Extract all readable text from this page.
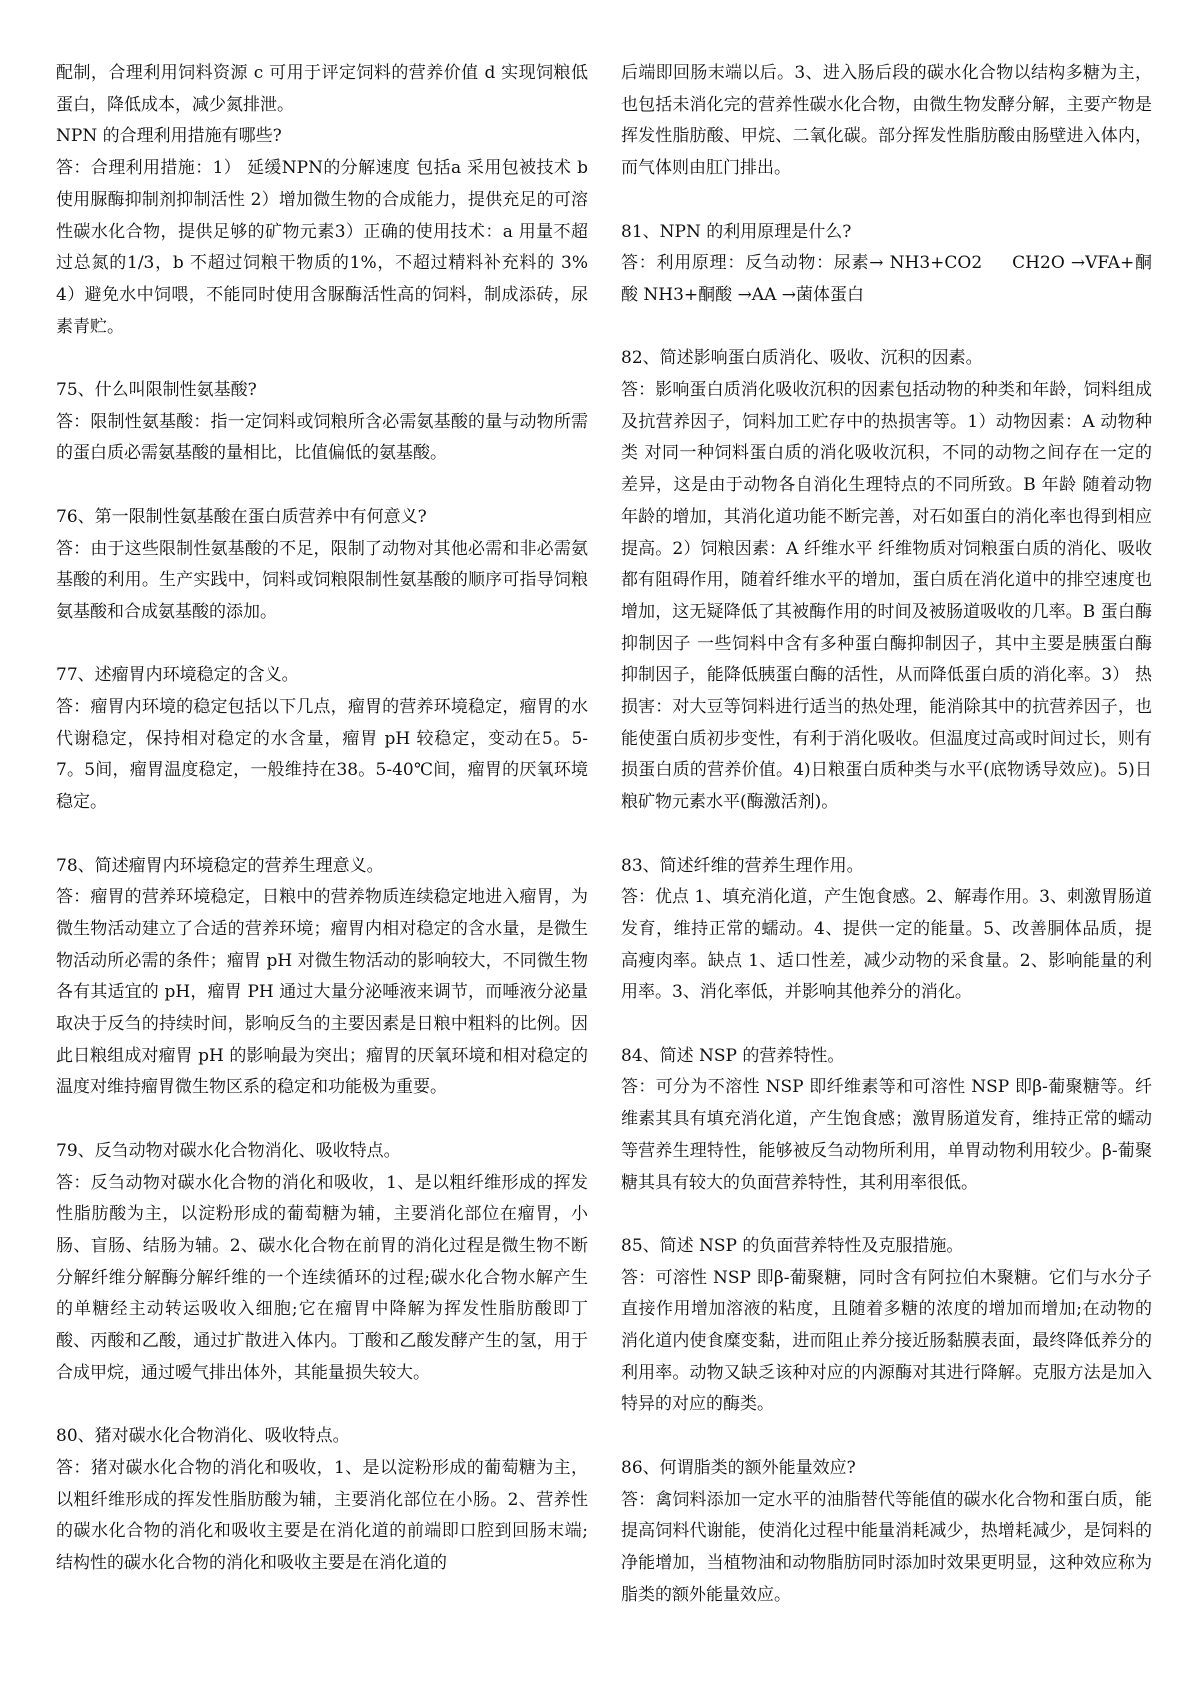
配制，合理利用饲料资源 c 可用于评定饲料的营养价值 d 实现饲粮低蛋白，降低成本，减少氮排泄。

NPN 的合理利用措施有哪些?

答：合理利用措施：1） 延缓NPN的分解速度 包括a 采用包被技术 b 使用脲酶抑制剂抑制活性 2）增加微生物的合成能力，提供充足的可溶性碳水化合物，提供足够的矿物元素3）正确的使用技术：a 用量不超过总氮的1/3，b 不超过饲粮干物质的1%，不超过精料补充料的 3% 4）避免水中饲喂，不能同时使用含脲酶活性高的饲料，制成添砖，尿素青贮。

75、什么叫限制性氨基酸?

答：限制性氨基酸：指一定饲料或饲粮所含必需氨基酸的量与动物所需的蛋白质必需氨基酸的量相比，比值偏低的氨基酸。

76、第一限制性氨基酸在蛋白质营养中有何意义?

答：由于这些限制性氨基酸的不足，限制了动物对其他必需和非必需氨基酸的利用。生产实践中，饲料或饲粮限制性氨基酸的顺序可指导饲粮氨基酸和合成氨基酸的添加。

77、述瘤胃内环境稳定的含义。

答：瘤胃内环境的稳定包括以下几点，瘤胃的营养环境稳定，瘤胃的水代谢稳定，保持相对稳定的水含量，瘤胃 pH 较稳定，变动在5。5-7。5间，瘤胃温度稳定，一般维持在38。5-40℃间，瘤胃的厌氧环境稳定。

78、简述瘤胃内环境稳定的营养生理意义。

答：瘤胃的营养环境稳定，日粮中的营养物质连续稳定地进入瘤胃，为微生物活动建立了合适的营养环境；瘤胃内相对稳定的含水量，是微生物活动所必需的条件；瘤胃 pH 对微生物活动的影响较大，不同微生物各有其适宜的 pH，瘤胃 PH 通过大量分泌唾液来调节，而唾液分泌量取决于反刍的持续时间，影响反刍的主要因素是日粮中粗料的比例。因此日粮组成对瘤胃 pH 的影响最为突出；瘤胃的厌氧环境和相对稳定的温度对维持瘤胃微生物区系的稳定和功能极为重要。

79、反刍动物对碳水化合物消化、吸收特点。

答：反刍动物对碳水化合物的消化和吸收，1、是以粗纤维形成的挥发性脂肪酸为主，以淀粉形成的葡萄糖为辅，主要消化部位在瘤胃，小肠、盲肠、结肠为辅。2、碳水化合物在前胃的消化过程是微生物不断分解纤维分解酶分解纤维的一个连续循环的过程;碳水化合物水解产生的单糖经主动转运吸收入细胞;它在瘤胃中降解为挥发性脂肪酸即丁酸、丙酸和乙酸，通过扩散进入体内。丁酸和乙酸发酵产生的氢，用于合成甲烷，通过嗳气排出体外，其能量损失较大。

80、猪对碳水化合物消化、吸收特点。

答：猪对碳水化合物的消化和吸收，1、是以淀粉形成的葡萄糖为主，以粗纤维形成的挥发性脂肪酸为辅，主要消化部位在小肠。2、营养性的碳水化合物的消化和吸收主要是在消化道的前端即口腔到回肠末端;结构性的碳水化合物的消化和吸收主要是在消化道的

后端即回肠末端以后。3、进入肠后段的碳水化合物以结构多糖为主，也包括未消化完的营养性碳水化合物，由微生物发酵分解，主要产物是挥发性脂肪酸、甲烷、二氧化碳。部分挥发性脂肪酸由肠壁进入体内，而气体则由肛门排出。

81、NPN 的利用原理是什么?

答：利用原理：反刍动物：尿素→ NH3+CO2 　 CH2O →VFA+酮酸 NH3+酮酸 →AA →菌体蛋白

82、简述影响蛋白质消化、吸收、沉积的因素。

答：影响蛋白质消化吸收沉积的因素包括动物的种类和年龄，饲料组成及抗营养因子，饲料加工贮存中的热损害等。1）动物因素：A 动物种类 对同一种饲料蛋白质的消化吸收沉积，不同的动物之间存在一定的差异，这是由于动物各自消化生理特点的不同所致。B 年龄 随着动物年龄的增加，其消化道功能不断完善，对石如蛋白的消化率也得到相应提高。2）饲粮因素：A 纤维水平 纤维物质对饲粮蛋白质的消化、吸收都有阻碍作用，随着纤维水平的增加，蛋白质在消化道中的排空速度也增加，这无疑降低了其被酶作用的时间及被肠道吸收的几率。B 蛋白酶抑制因子 一些饲料中含有多种蛋白酶抑制因子，其中主要是胰蛋白酶抑制因子，能降低胰蛋白酶的活性，从而降低蛋白质的消化率。3） 热损害：对大豆等饲料进行适当的热处理，能消除其中的抗营养因子，也能使蛋白质初步变性，有利于消化吸收。但温度过高或时间过长，则有损蛋白质的营养价值。4)日粮蛋白质种类与水平(底物诱导效应)。5)日粮矿物元素水平(酶激活剂)。

83、简述纤维的营养生理作用。

答：优点 1、填充消化道，产生饱食感。2、解毒作用。3、刺激胃肠道发育，维持正常的蠕动。4、提供一定的能量。5、改善胴体品质，提高瘦肉率。缺点 1、适口性差，减少动物的采食量。2、影响能量的利用率。3、消化率低，并影响其他养分的消化。

84、简述 NSP 的营养特性。

答：可分为不溶性 NSP 即纤维素等和可溶性 NSP 即β-葡聚糖等。纤维素其具有填充消化道，产生饱食感；激胃肠道发育，维持正常的蠕动等营养生理特性，能够被反刍动物所利用，单胃动物利用较少。β-葡聚糖其具有较大的负面营养特性，其利用率很低。

85、简述 NSP 的负面营养特性及克服措施。

答：可溶性 NSP 即β-葡聚糖，同时含有阿拉伯木聚糖。它们与水分子直接作用增加溶液的粘度，且随着多糖的浓度的增加而增加;在动物的消化道内使食糜变黏，进而阻止养分接近肠黏膜表面，最终降低养分的利用率。动物又缺乏该种对应的内源酶对其进行降解。克服方法是加入特异的对应的酶类。

86、何谓脂类的额外能量效应?

答：禽饲料添加一定水平的油脂替代等能值的碳水化合物和蛋白质，能提高饲料代谢能，使消化过程中能量消耗减少，热增耗减少，是饲料的净能增加，当植物油和动物脂肪同时添加时效果更明显，这种效应称为 脂类的额外能量效应。
